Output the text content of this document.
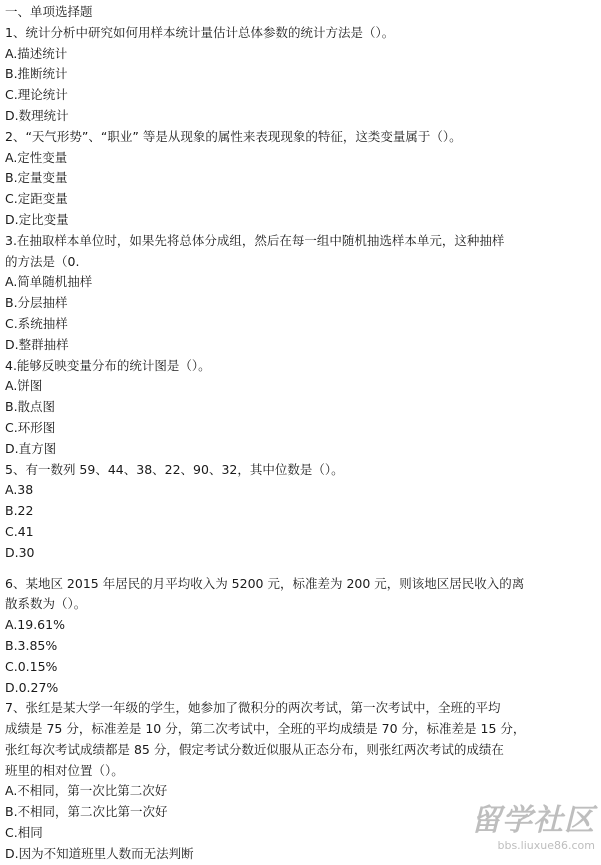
一、单项选择题
1、统计分析中研究如何用样本统计量估计总体参数的统计方法是（）。
A.描述统计
B.推断统计
C.理论统计
D.数理统计
2、“天气形势”、“职业” 等是从现象的属性来表现现象的特征，这类变量属于（）。
A.定性变量
B.定量变量
C.定距变量
D.定比变量
3.在抽取样本单位时，如果先将总体分成组，然后在每一组中随机抽选样本单元，这种抽样
的方法是（0.
A.简单随机抽样
B.分层抽样
C.系统抽样
D.整群抽样
4.能够反映变量分布的统计图是（）。
A.饼图
B.散点图
C.环形图
D.直方图
5、有一数列 59、44、38、22、90、32，其中位数是（）。
A.38
B.22
C.41
D.30
6、某地区 2015 年居民的月平均收入为 5200 元，标准差为 200 元，则该地区居民收入的离
散系数为（）。
A.19.61%
B.3.85%
C.0.15%
D.0.27%
7、张红是某大学一年级的学生，她参加了微积分的两次考试，第一次考试中，全班的平均
成绩是 75 分，标准差是 10 分，第二次考试中，全班的平均成绩是 70 分，标准差是 15 分，
张红每次考试成绩都是 85 分，假定考试分数近似服从正态分布，则张红两次考试的成绩在
班里的相对位置（）。
A.不相同，第一次比第二次好
B.不相同，第二次比第一次好
C.相同
D.因为不知道班里人数而无法判断
留学社区
bbs.liuxue86.com
